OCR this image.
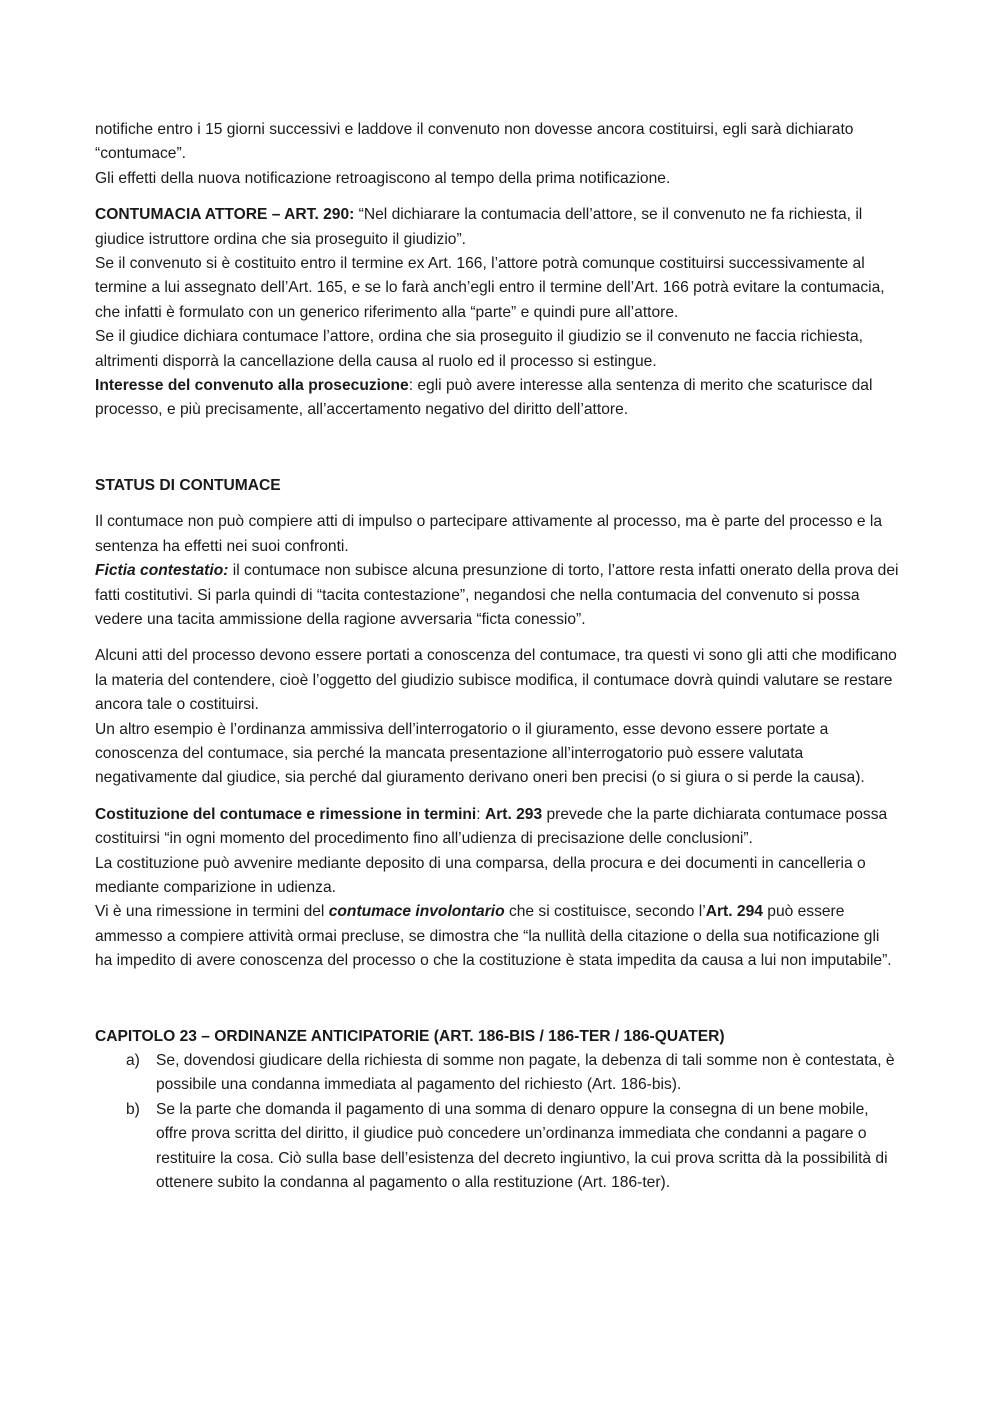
notifiche entro i 15 giorni successivi e laddove il convenuto non dovesse ancora costituirsi, egli sarà dichiarato “contumace”.

Gli effetti della nuova notificazione retroagiscono al tempo della prima notificazione.

CONTUMACIA ATTORE – ART. 290: “Nel dichiarare la contumacia dell’attore, se il convenuto ne fa richiesta, il giudice istruttore ordina che sia proseguito il giudizio”.

Se il convenuto si è costituito entro il termine ex Art. 166, l’attore potrà comunque costituirsi successivamente al termine a lui assegnato dell’Art. 165, e se lo farà anch’egli entro il termine dell’Art. 166 potrà evitare la contumacia, che infatti è formulato con un generico riferimento alla “parte” e quindi pure all’attore.

Se il giudice dichiara contumace l’attore, ordina che sia proseguito il giudizio se il convenuto ne faccia richiesta, altrimenti disporrà la cancellazione della causa al ruolo ed il processo si estingue.

Interesse del convenuto alla prosecuzione: egli può avere interesse alla sentenza di merito che scaturisce dal processo, e più precisamente, all’accertamento negativo del diritto dell’attore.

STATUS DI CONTUMACE

Il contumace non può compiere atti di impulso o partecipare attivamente al processo, ma è parte del processo e la sentenza ha effetti nei suoi confronti.

Fictia contestatio: il contumace non subisce alcuna presunzione di torto, l’attore resta infatti onerato della prova dei fatti costitutivi. Si parla quindi di “tacita contestazione”, negandosi che nella contumacia del convenuto si possa vedere una tacita ammissione della ragione avversaria “ficta conessio”.

Alcuni atti del processo devono essere portati a conoscenza del contumace, tra questi vi sono gli atti che modificano la materia del contendere, cioè l’oggetto del giudizio subisce modifica, il contumace dovrà quindi valutare se restare ancora tale o costituirsi.

Un altro esempio è l’ordinanza ammissiva dell’interrogatorio o il giuramento, esse devono essere portate a conoscenza del contumace, sia perché la mancata presentazione all’interrogatorio può essere valutata negativamente dal giudice, sia perché dal giuramento derivano oneri ben precisi (o si giura o si perde la causa).

Costituzione del contumace e rimessione in termini: Art. 293 prevede che la parte dichiarata contumace possa costituirsi “in ogni momento del procedimento fino all’udienza di precisazione delle conclusioni”.

La costituzione può avvenire mediante deposito di una comparsa, della procura e dei documenti in cancelleria o mediante comparizione in udienza.

Vi è una rimessione in termini del contumace involontario che si costituisce, secondo l’Art. 294 può essere ammesso a compiere attività ormai precluse, se dimostra che “la nullità della citazione o della sua notificazione gli ha impedito di avere conoscenza del processo o che la costituzione è stata impedita da causa a lui non imputabile”.

CAPITOLO 23 – ORDINANZE ANTICIPATORIE (ART. 186-BIS / 186-TER / 186-QUATER)

a) Se, dovendosi giudicare della richiesta di somme non pagate, la debenza di tali somme non è contestata, è possibile una condanna immediata al pagamento del richiesto (Art. 186-bis).
b) Se la parte che domanda il pagamento di una somma di denaro oppure la consegna di un bene mobile, offre prova scritta del diritto, il giudice può concedere un’ordinanza immediata che condanni a pagare o restituire la cosa. Ciò sulla base dell’esistenza del decreto ingiuntivo, la cui prova scritta dà la possibilità di ottenere subito la condanna al pagamento o alla restituzione (Art. 186-ter).
